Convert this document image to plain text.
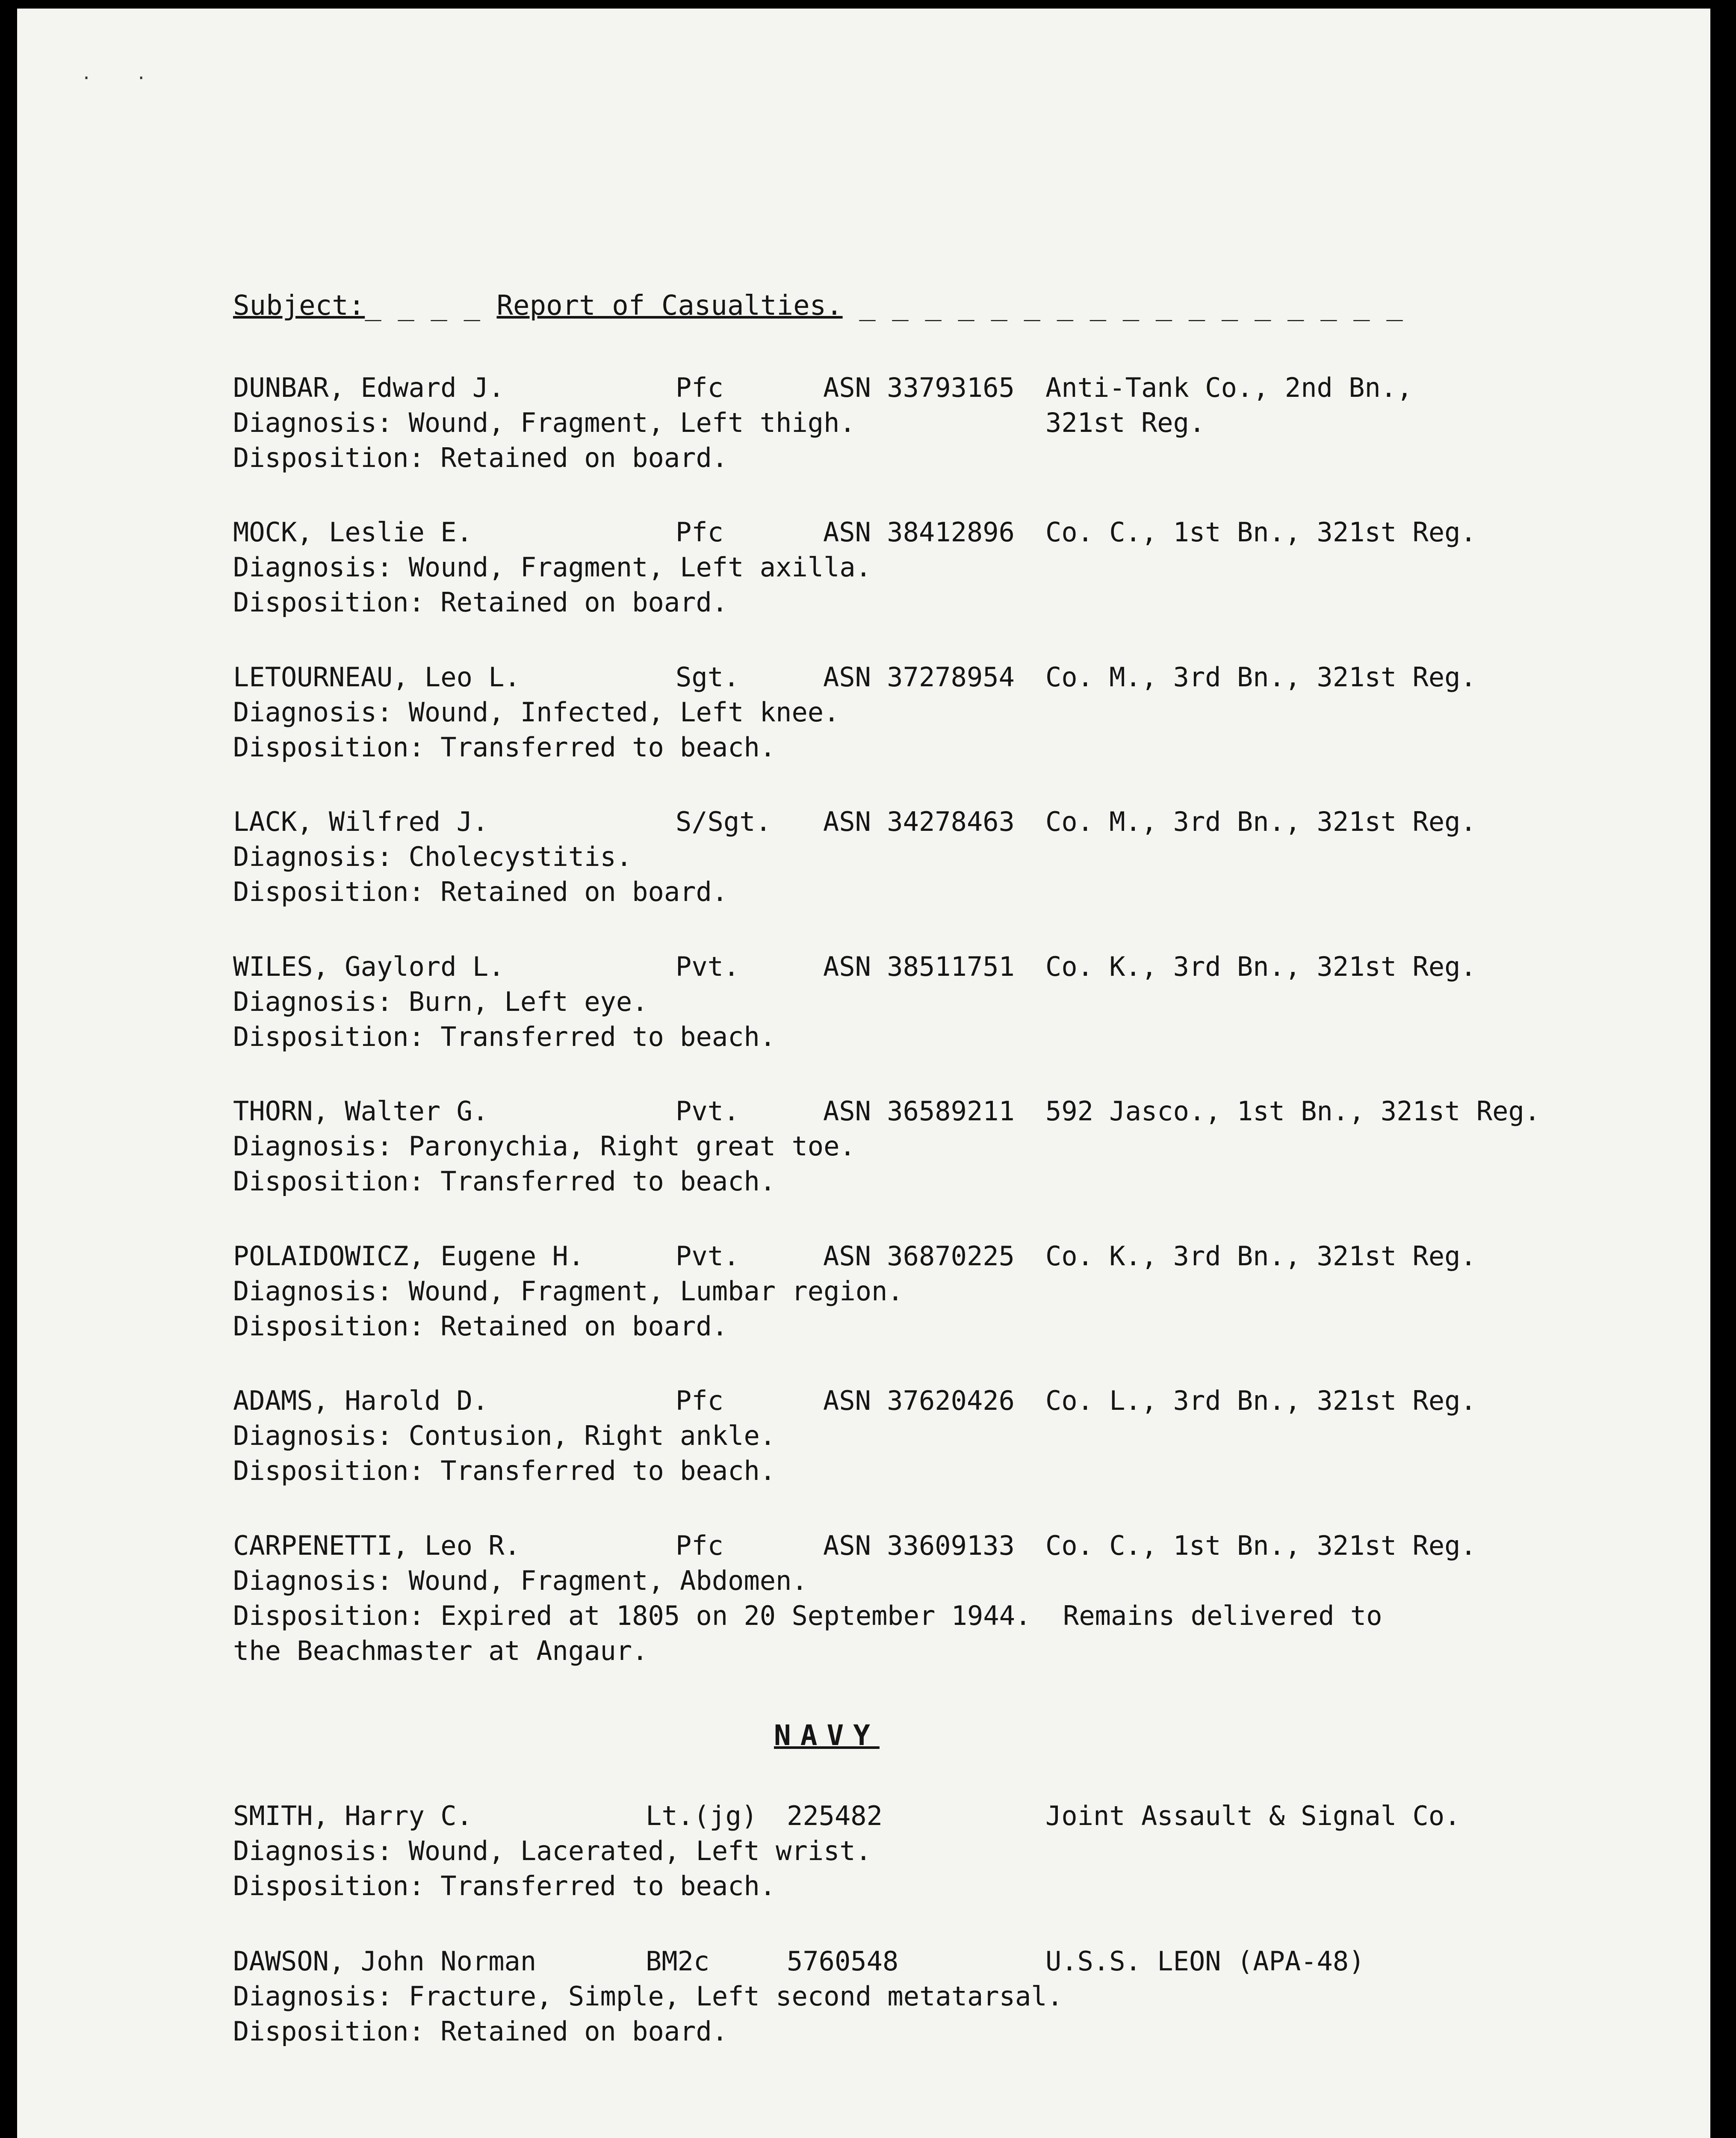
· ·
Subject:_ _ _ _ Report of Casualties. _ _ _ _ _ _ _ _ _ _ _ _ _ _ _ _ _
DUNBAR, Edward J.	Pfc	ASN 33793165 Anti-Tank Co., 2nd Bn.,
Diagnosis: Wound, Fragment, Left thigh.	321st Reg.
Disposition: Retained on board.
MOCK, Leslie E.	Pfc	ASN 38412896 Co. C., 1st Bn., 321st Reg.
Diagnosis: Wound, Fragment, Left axilla.
Disposition: Retained on board.
LETOURNEAU, Leo L.	Sgt.	ASN 37278954 Co. M., 3rd Bn., 321st Reg.
Diagnosis: Wound, Infected, Left knee.
Disposition: Transferred to beach.
LACK, Wilfred J.	S/Sgt. ASN 34278463 Co. M., 3rd Bn., 321st Reg.
Diagnosis: Cholecystitis.
Disposition: Retained on board.
WILES, Gaylord L.	Pvt.	ASN 38511751 Co. K., 3rd Bn., 321st Reg.
Diagnosis: Burn, Left eye.
Disposition: Transferred to beach.
THORN, Walter G.	Pvt.	ASN 36589211 592 Jasco., 1st Bn., 321st Reg.
Diagnosis: Paronychia, Right great toe.
Disposition: Transferred to beach.
POLAIDOWICZ, Eugene H.	Pvt.	ASN 36870225 Co. K., 3rd Bn., 321st Reg.
Diagnosis: Wound, Fragment, Lumbar region.
Disposition: Retained on board.
ADAMS, Harold D.	Pfc	ASN 37620426 Co. L., 3rd Bn., 321st Reg.
Diagnosis: Contusion, Right ankle.
Disposition: Transferred to beach.
CARPENETTI, Leo R.	Pfc	ASN 33609133 Co. C., 1st Bn., 321st Reg.
Diagnosis: Wound, Fragment, Abdomen.
Disposition: Expired at 1805 on 20 September 1944.  Remains delivered to
the Beachmaster at Angaur.
NAVY
SMITH, Harry C.	Lt.(jg) 225482	Joint Assault & Signal Co.
Diagnosis: Wound, Lacerated, Left wrist.
Disposition: Transferred to beach.
DAWSON, John Norman	BM2c	5760548	U.S.S. LEON (APA-48)
Diagnosis: Fracture, Simple, Left second metatarsal.
Disposition: Retained on board.
